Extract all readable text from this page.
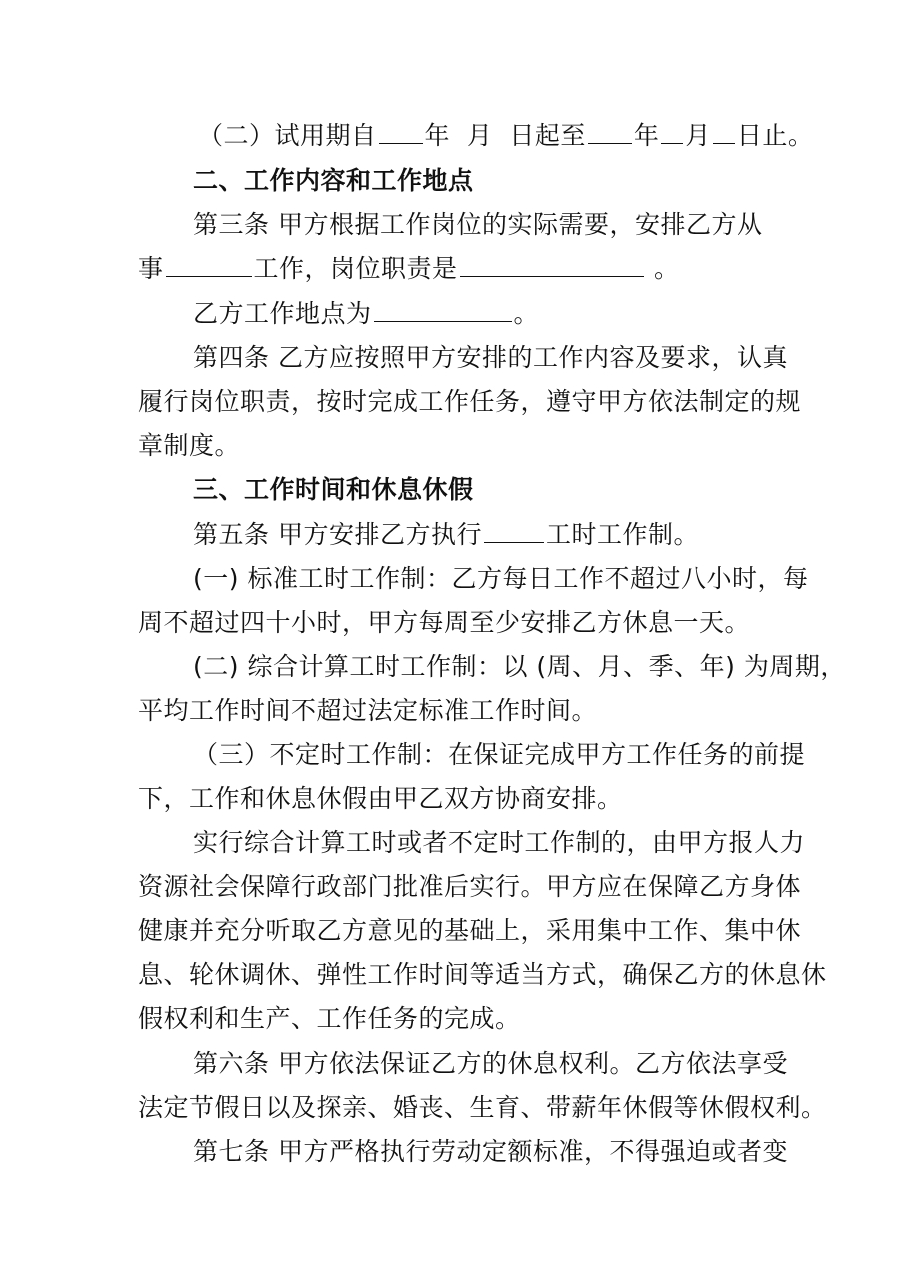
（二）试用期自 年 月 日起至 年 月 日止。
二、工作内容和工作地点
第三条 甲方根据工作岗位的实际需要，安排乙方从
事	工作，岗位职责是	。
乙方工作地点为	。
第四条 乙方应按照甲方安排的工作内容及要求，认真
履行岗位职责，按时完成工作任务，遵守甲方依法制定的规
章制度。
三、工作时间和休息休假
第五条 甲方安排乙方执行	工时工作制。
(一) 标准工时工作制：乙方每日工作不超过八小时，每
周不超过四十小时，甲方每周至少安排乙方休息一天。
(二) 综合计算工时工作制：以 (周、月、季、年) 为周期，
平均工作时间不超过法定标准工作时间。
（三）不定时工作制：在保证完成甲方工作任务的前提
下，工作和休息休假由甲乙双方协商安排。
实行综合计算工时或者不定时工作制的，由甲方报人力
资源社会保障行政部门批准后实行。甲方应在保障乙方身体
健康并充分听取乙方意见的基础上，采用集中工作、集中休
息、轮休调休、弹性工作时间等适当方式，确保乙方的休息休
假权利和生产、工作任务的完成。
第六条 甲方依法保证乙方的休息权利。乙方依法享受
法定节假日以及探亲、婚丧、生育、带薪年休假等休假权利。
第七条 甲方严格执行劳动定额标准，不得强迫或者变
